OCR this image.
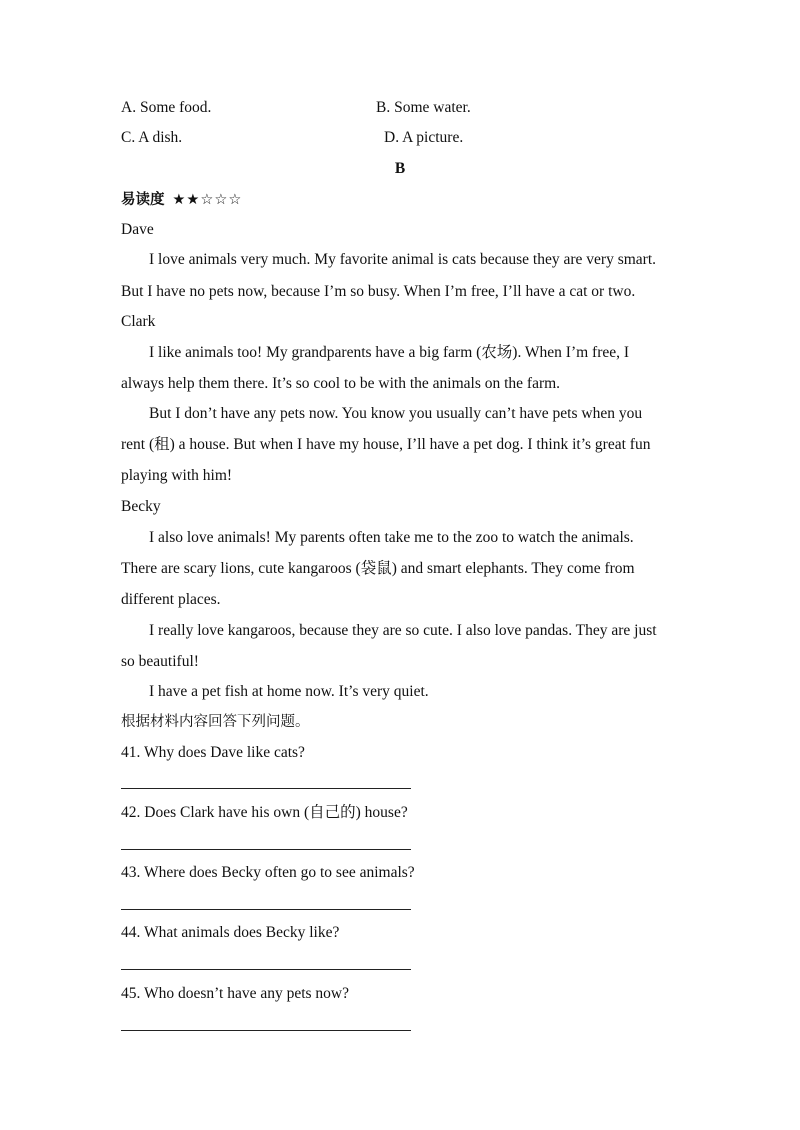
A. Some food.	B. Some water.
C. A dish.	D. A picture.
B
易读度 ★★☆☆☆
Dave
I love animals very much. My favorite animal is cats because they are very smart.
But I have no pets now, because I’m so busy. When I’m free, I’ll have a cat or two.
Clark
I like animals too! My grandparents have a big farm (农场). When I’m free, I
always help them there. It’s so cool to be with the animals on the farm.
But I don’t have any pets now. You know you usually can’t have pets when you
rent (租) a house. But when I have my house, I’ll have a pet dog. I think it’s great fun
playing with him!
Becky
I also love animals! My parents often take me to the zoo to watch the animals.
There are scary lions, cute kangaroos (袋鼠) and smart elephants. They come from
different places.
I really love kangaroos, because they are so cute. I also love pandas. They are just
so beautiful!
I have a pet fish at home now. It’s very quiet.
根据材料内容回答下列问题。
41. Why does Dave like cats?
42. Does Clark have his own (自己的) house?
43. Where does Becky often go to see animals?
44. What animals does Becky like?
45. Who doesn’t have any pets now?
